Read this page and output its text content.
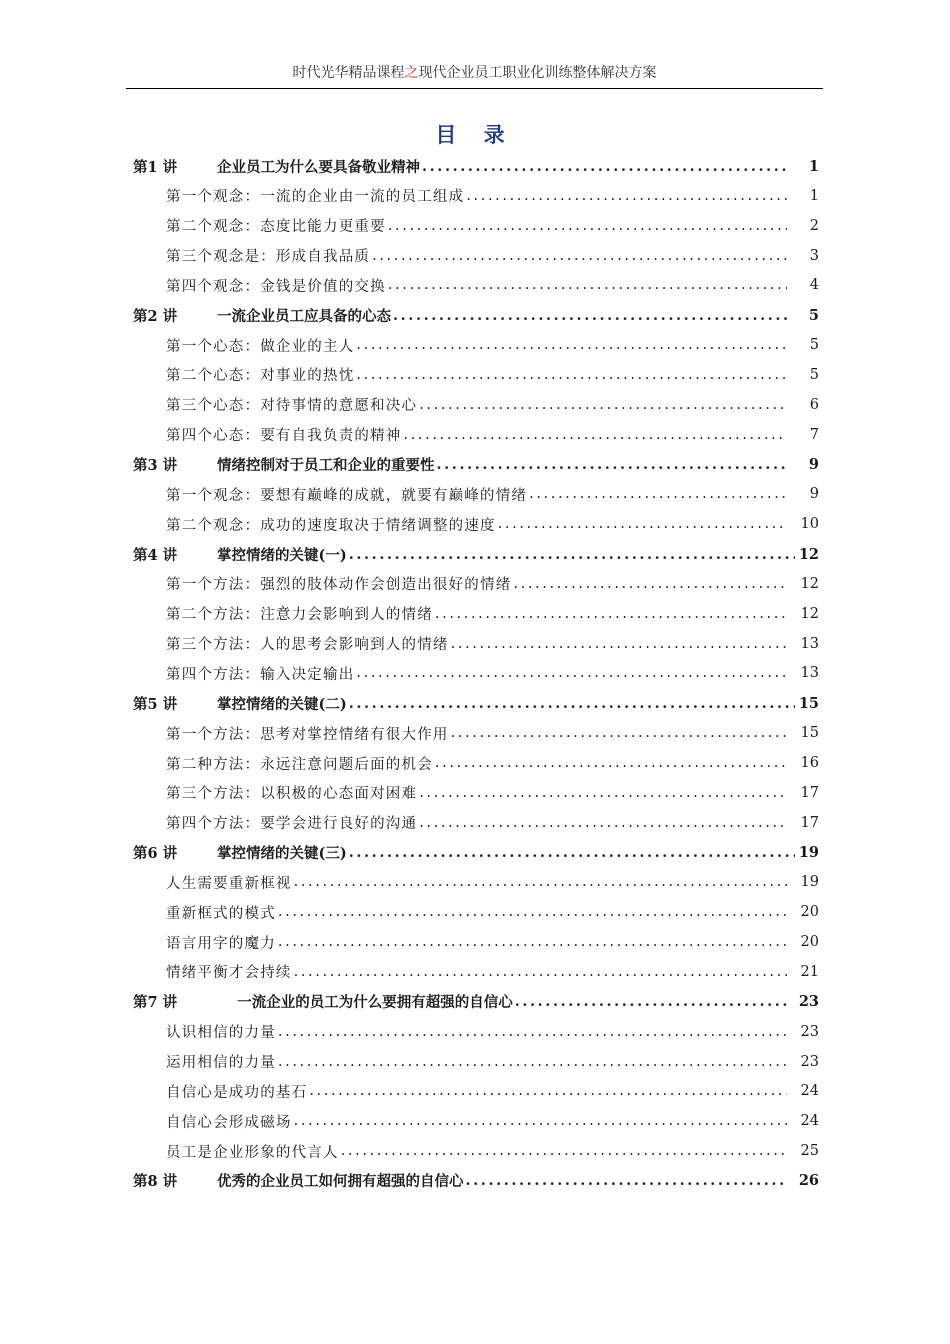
时代光华精品课程之现代企业员工职业化训练整体解决方案
目 录
第1 讲	企业员工为什么要具备敬业精神 .....	1
第一个观念：一流的企业由一流的员工组成 .....	1
第二个观念：态度比能力更重要 .....	2
第三个观念是：形成自我品质 .....	3
第四个观念：金钱是价值的交换 .....	4
第2 讲	一流企业员工应具备的心态 .....	5
第一个心态：做企业的主人 .....	5
第二个心态：对事业的热忱 .....	5
第三个心态：对待事情的意愿和决心 .....	6
第四个心态：要有自我负责的精神 .....	7
第3 讲	情绪控制对于员工和企业的重要性 .....	9
第一个观念：要想有巅峰的成就，就要有巅峰的情绪 .....	9
第二个观念：成功的速度取决于情绪调整的速度 .....	10
第4 讲	掌控情绪的关键(一) .....	12
第一个方法：强烈的肢体动作会创造出很好的情绪 .....	12
第二个方法：注意力会影响到人的情绪 .....	12
第三个方法：人的思考会影响到人的情绪 .....	13
第四个方法：输入决定输出 .....	13
第5 讲	掌控情绪的关键(二) .....	15
第一个方法：思考对掌控情绪有很大作用 .....	15
第二种方法：永远注意问题后面的机会 .....	16
第三个方法：以积极的心态面对困难 .....	17
第四个方法：要学会进行良好的沟通 .....	17
第6 讲	掌控情绪的关键(三) .....	19
人生需要重新框视 .....	19
重新框式的模式 .....	20
语言用字的魔力 .....	20
情绪平衡才会持续 .....	21
第7 讲	一流企业的员工为什么要拥有超强的自信心 .....	23
认识相信的力量 .....	23
运用相信的力量 .....	23
自信心是成功的基石 .....	24
自信心会形成磁场 .....	24
员工是企业形象的代言人 .....	25
第8 讲	优秀的企业员工如何拥有超强的自信心 .....	26
